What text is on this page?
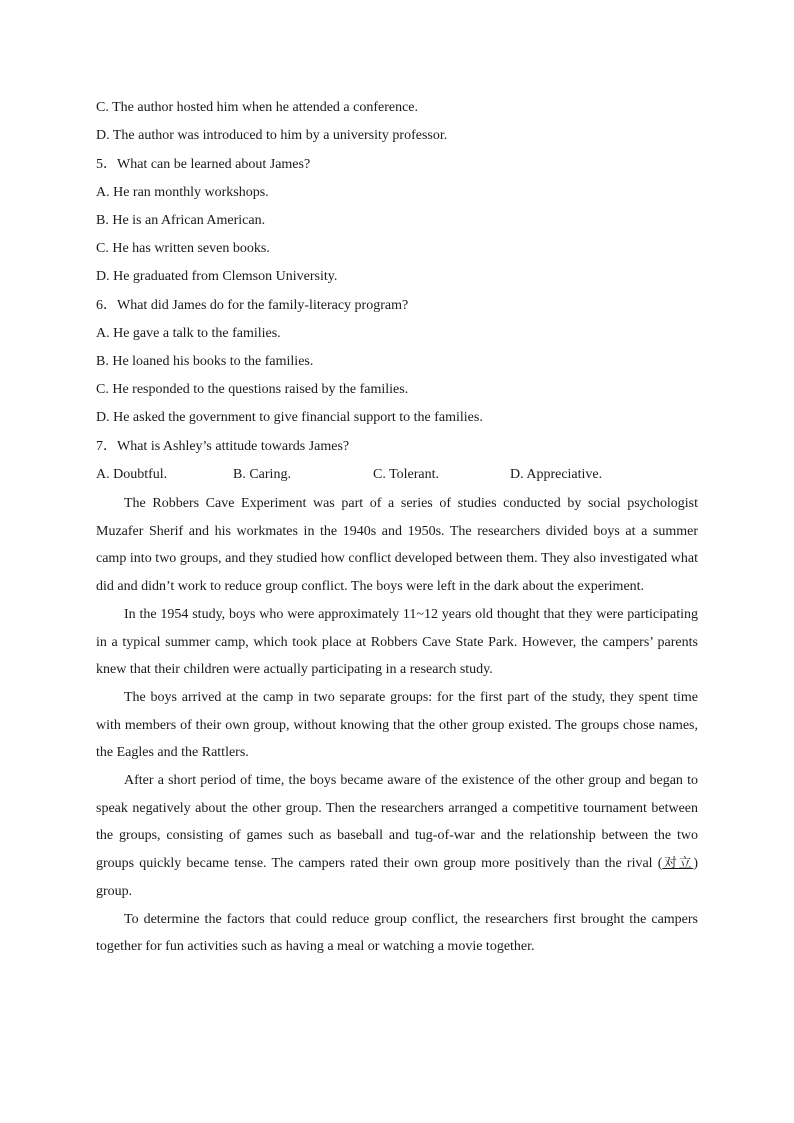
C. The author hosted him when he attended a conference.

D. The author was introduced to him by a university professor.

5．What can be learned about James?

A. He ran monthly workshops.

B. He is an African American.

C. He has written seven books.

D. He graduated from Clemson University.

6．What did James do for the family-literacy program?

A. He gave a talk to the families.

B. He loaned his books to the families.

C. He responded to the questions raised by the families.

D. He asked the government to give financial support to the families.

7．What is Ashley’s attitude towards James?

A. Doubtful.	B. Caring.	C. Tolerant.	D. Appreciative.

The Robbers Cave Experiment was part of a series of studies conducted by social psychologist Muzafer Sherif and his workmates in the 1940s and 1950s. The researchers divided boys at a summer camp into two groups, and they studied how conflict developed between them. They also investigated what did and didn’t work to reduce group conflict. The boys were left in the dark about the experiment.

In the 1954 study, boys who were approximately 11~12 years old thought that they were participating in a typical summer camp, which took place at Robbers Cave State Park. However, the campers’ parents knew that their children were actually participating in a research study.

The boys arrived at the camp in two separate groups: for the first part of the study, they spent time with members of their own group, without knowing that the other group existed. The groups chose names, the Eagles and the Rattlers.

After a short period of time, the boys became aware of the existence of the other group and began to speak negatively about the other group. Then the researchers arranged a competitive tournament between the groups, consisting of games such as baseball and tug-of-war and the relationship between the two groups quickly became tense. The campers rated their own group more positively than the rival (对立) group.

To determine the factors that could reduce group conflict, the researchers first brought the campers together for fun activities such as having a meal or watching a movie together.
